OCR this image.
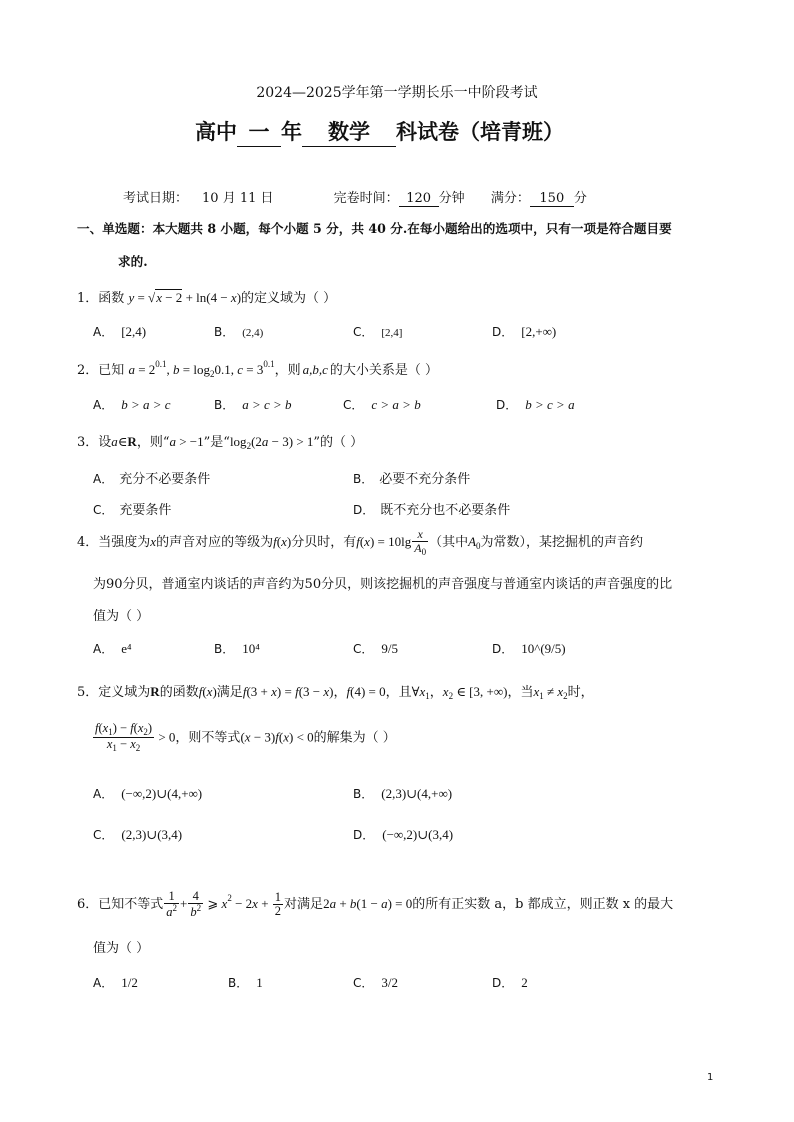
2024—2025学年第一学期长乐一中阶段考试
高中 一 年 数学 科试卷（培青班）
考试日期： 10 月 11 日	完卷时间： 120 分钟 满分： 150 分
一、单选题：本大题共 8 小题，每个小题 5 分，共 40 分.在每小题给出的选项中，只有一项是符合题目要
求的.
1．函数 y = √x − 2 + ln(4 − x)的定义域为（ ）
A． [2,4)	B． (2,4)	C． [2,4]	D． [2,+∞)
2．已知 $a = 2^{0.1}$, $b = \log_20.1$, $c = 3^{0.1}$，则 a,b,c 的大小关系是（ ）
A． b > a > c	B． a > c > b	C． c > a > b	D． b > c > a
3．设a∈R，则“a > −1”是“$\log_2(2a - 3) > 1$”的（ ）
A． 充分不必要条件	B． 必要不充分条件
C． 充要条件	D． 既不充分也不必要条件
4．当强度为x的声音对应的等级为f(x)分贝时，有$f(x) = 10\lg \frac{x}{A_0}$ （其中$A_0$为常数），某挖掘机的声音约
为90分贝，普通室内谈话的声音约为50分贝，则该挖掘机的声音强度与普通室内谈话的声音强度的比
值为（ ）
A． e⁴	B． 10⁴	C． 9/5	D． 10^(9/5)
5．定义域为R的函数f(x)满足f(3 + x) = f(3 − x)，f(4) = 0，且$\forall x_1$，$x_2$ ∈ [3, +∞)，当$x_1 \ne x_2$时，
$\frac{f(x_1) - f(x_2)}{x_1 - x_2} > 0$，则不等式(x − 3)f(x) < 0的解集为（ ）
A． (−∞,2)∪(4,+∞)	B． (2,3)∪(4,+∞)
C． (2,3)∪(3,4)	D． (−∞,2)∪(3,4)
6．已知不等式 $\frac{1}{a^2} + \frac{4}{b^2}$ ⩾ $x^2 - 2x + \frac{1}{2}$ 对满足2a + b(1 − a) = 0的所有正实数 a，b 都成立，则正数 x 的最大
值为（ ）
A． 1/2	B． 1	C． 3/2	D． 2
1
